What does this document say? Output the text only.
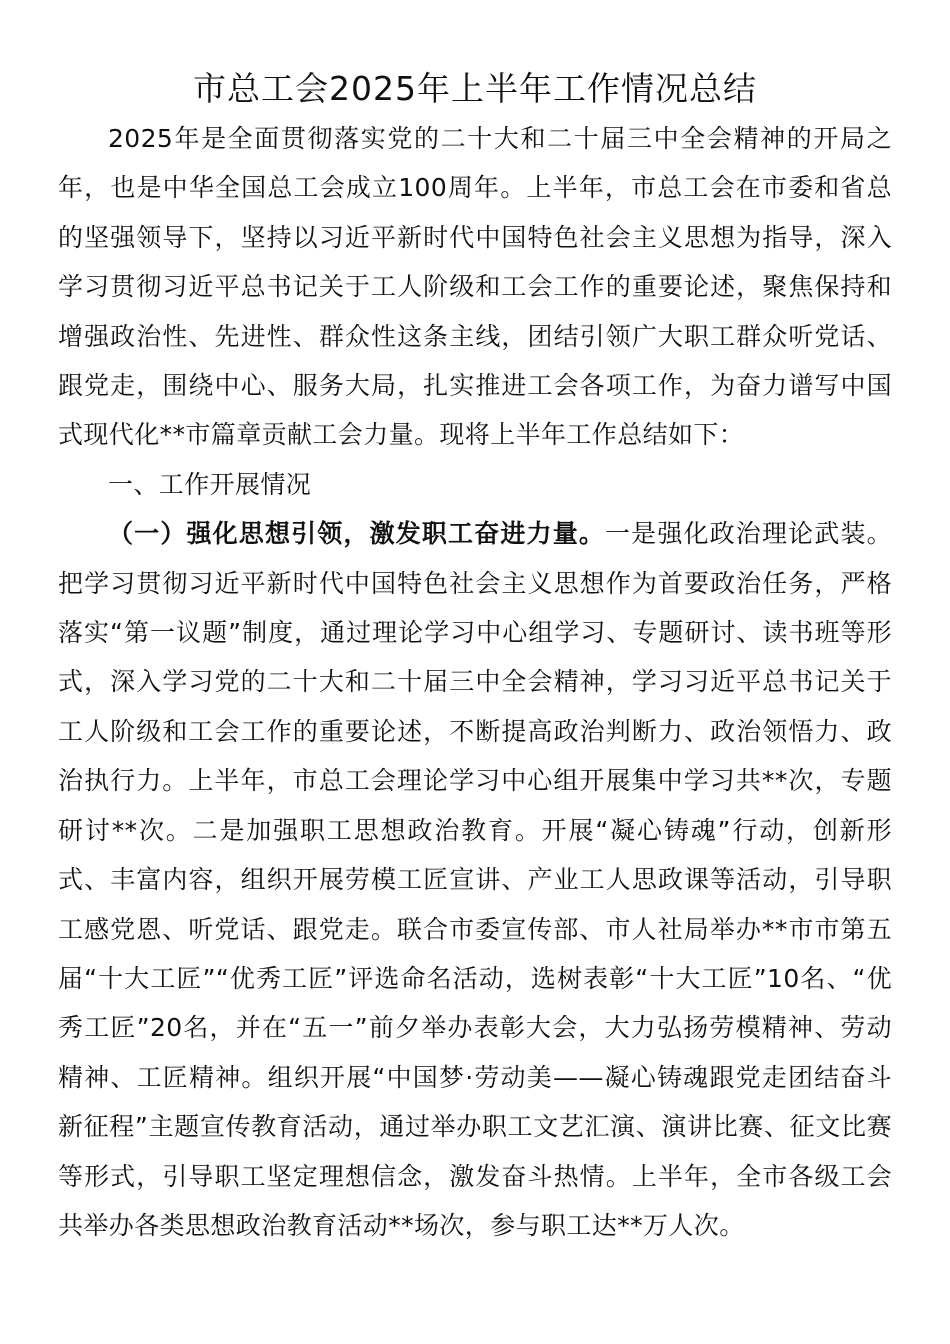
市总工会2025年上半年工作情况总结

2025年是全面贯彻落实党的二十大和二十届三中全会精神的开局之年，也是中华全国总工会成立100周年。上半年，市总工会在市委和省总的坚强领导下，坚持以习近平新时代中国特色社会主义思想为指导，深入学习贯彻习近平总书记关于工人阶级和工会工作的重要论述，聚焦保持和增强政治性、先进性、群众性这条主线，团结引领广大职工群众听党话、跟党走，围绕中心、服务大局，扎实推进工会各项工作，为奋力谱写中国式现代化**市篇章贡献工会力量。现将上半年工作总结如下：

一、工作开展情况

（一）强化思想引领，激发职工奋进力量。一是强化政治理论武装。把学习贯彻习近平新时代中国特色社会主义思想作为首要政治任务，严格落实“第一议题”制度，通过理论学习中心组学习、专题研讨、读书班等形式，深入学习党的二十大和二十届三中全会精神，学习习近平总书记关于工人阶级和工会工作的重要论述，不断提高政治判断力、政治领悟力、政治执行力。上半年，市总工会理论学习中心组开展集中学习共**次，专题研讨**次。二是加强职工思想政治教育。开展“凝心铸魂”行动，创新形式、丰富内容，组织开展劳模工匠宣讲、产业工人思政课等活动，引导职工感党恩、听党话、跟党走。联合市委宣传部、市人社局举办**市市第五届“十大工匠”“优秀工匠”评选命名活动，选树表彰“十大工匠”10名、“优秀工匠”20名，并在“五一”前夕举办表彰大会，大力弘扬劳模精神、劳动精神、工匠精神。组织开展“中国梦·劳动美——凝心铸魂跟党走团结奋斗新征程”主题宣传教育活动，通过举办职工文艺汇演、演讲比赛、征文比赛等形式，引导职工坚定理想信念，激发奋斗热情。上半年，全市各级工会共举办各类思想政治教育活动**场次，参与职工达**万人次。
